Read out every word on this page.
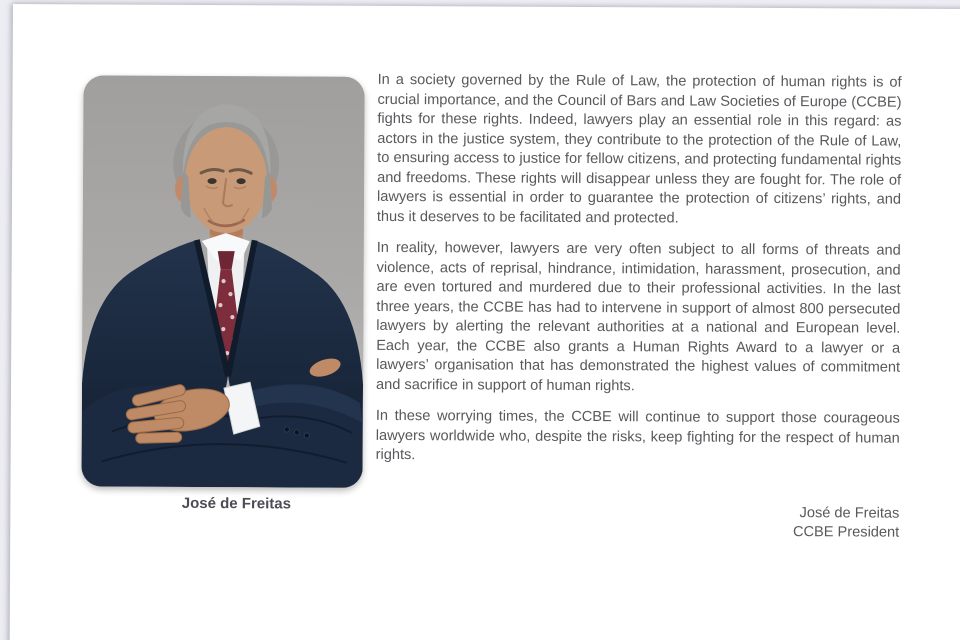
José de Freitas

In a society governed by the Rule of Law, the protection of human rights is of crucial importance, and the Council of Bars and Law Societies of Europe (CCBE) fights for these rights. Indeed, lawyers play an essential role in this regard: as actors in the justice system, they contribute to the protection of the Rule of Law, to ensuring access to justice for fellow citizens, and protecting fundamental rights and freedoms. These rights will disappear unless they are fought for. The role of lawyers is essential in order to guarantee the protection of citizens’ rights, and thus it deserves to be facilitated and protected.

In reality, however, lawyers are very often subject to all forms of threats and violence, acts of reprisal, hindrance, intimidation, harassment, prosecution, and are even tortured and murdered due to their professional activities. In the last three years, the CCBE has had to intervene in support of almost 800 persecuted lawyers by alerting the relevant authorities at a national and European level. Each year, the CCBE also grants a Human Rights Award to a lawyer or a lawyers’ organisation that has demonstrated the highest values of commitment and sacrifice in support of human rights.

In these worrying times, the CCBE will continue to support those courageous lawyers worldwide who, despite the risks, keep fighting for the respect of human rights.

José de Freitas
CCBE President
